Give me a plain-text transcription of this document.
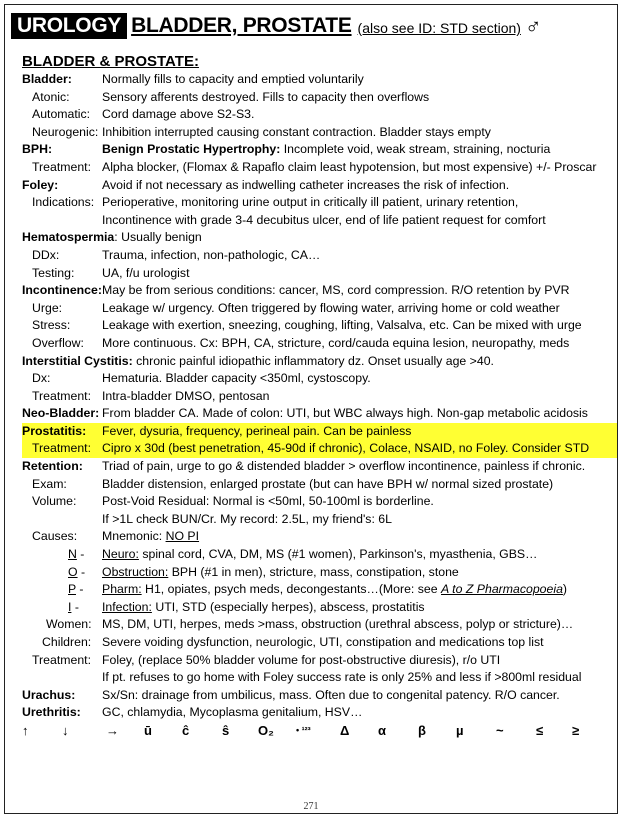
UROLOGY BLADDER, PROSTATE (also see ID: STD section) ♂
BLADDER & PROSTATE:
Bladder: Normally fills to capacity and emptied voluntarily
Atonic:	Sensory afferents destroyed. Fills to capacity then overflows
Automatic: Cord damage above S2-S3.
Neurogenic: Inhibition interrupted causing constant contraction. Bladder stays empty
BPH:	Benign Prostatic Hypertrophy: Incomplete void, weak stream, straining, nocturia
Treatment: Alpha blocker, (Flomax & Rapaflo claim least hypotension, but most expensive) +/- Proscar
Foley:	Avoid if not necessary as indwelling catheter increases the risk of infection.
Indications: Perioperative, monitoring urine output in critically ill patient, urinary retention,
Incontinence with grade 3-4 decubitus ulcer, end of life patient request for comfort
Hematospermia: Usually benign
DDx:	Trauma, infection, non-pathologic, CA…
Testing: UA, f/u urologist
Incontinence: May be from serious conditions: cancer, MS, cord compression. R/O retention by PVR
Urge:	Leakage w/ urgency. Often triggered by flowing water, arriving home or cold weather
Stress:	Leakage with exertion, sneezing, coughing, lifting, Valsalva, etc. Can be mixed with urge
Overflow: More continuous. Cx: BPH, CA, stricture, cord/cauda equina lesion, neuropathy, meds
Interstitial Cystitis: chronic painful idiopathic inflammatory dz. Onset usually age >40.
Dx:	Hematuria. Bladder capacity <350ml, cystoscopy.
Treatment: Intra-bladder DMSO, pentosan
Neo-Bladder: From bladder CA. Made of colon: UTI, but WBC always high. Non-gap metabolic acidosis
Prostatitis: Fever, dysuria, frequency, perineal pain. Can be painless
Treatment: Cipro x 30d (best penetration, 45-90d if chronic), Colace, NSAID, no Foley. Consider STD
Retention: Triad of pain, urge to go & distended bladder > overflow incontinence, painless if chronic.
Exam:	Bladder distension, enlarged prostate (but can have BPH w/ normal sized prostate)
Volume: Post-Void Residual: Normal is <50ml, 50-100ml is borderline.
If >1L check BUN/Cr. My record: 2.5L, my friend's: 6L
Causes: Mnemonic: NO PI
N - Neuro: spinal cord, CVA, DM, MS (#1 women), Parkinson's, myasthenia, GBS…
O - Obstruction: BPH (#1 in men), stricture, mass, constipation, stone
P - Pharm: H1, opiates, psych meds, decongestants…(More: see A to Z Pharmacopoeia)
I - Infection: UTI, STD (especially herpes), abscess, prostatitis
Women: MS, DM, UTI, herpes, meds >mass, obstruction (urethral abscess, polyp or stricture)…
Children: Severe voiding dysfunction, neurologic, UTI, constipation and medications top list
Treatment: Foley, (replace 50% bladder volume for post-obstructive diuresis), r/o UTI
If pt. refuses to go home with Foley success rate is only 25% and less if >800ml residual
Urachus: Sx/Sn: drainage from umbilicus, mass. Often due to congenital patency. R/O cancer.
Urethritis: GC, chlamydia, Mycoplasma genitalium, HSV…
↑	↓	→ ū ĉ	ŝ O₂ • ¹²³ Δ α β µ	~ ≤ ≥
271
